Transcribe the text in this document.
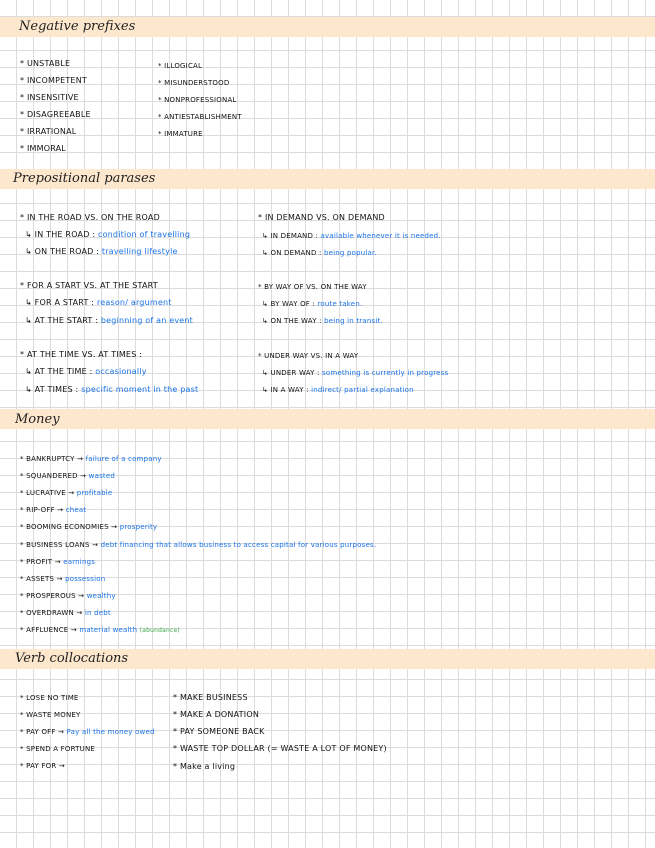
Negative prefixes
Prepositional parases
Money
Verb collocations
* UNSTABLE
* INCOMPETENT
* INSENSITIVE
* DISAGREEABLE
* IRRATIONAL
* IMMORAL
* ILLOGICAL
* MISUNDERSTOOD
* NONPROFESSIONAL
* ANTIESTABLISHMENT
* IMMATURE
* IN THE ROAD VS. ON THE ROAD
↳ IN THE ROAD : condition of travelling
↳ ON THE ROAD : travelling lifestyle
* FOR A START VS. AT THE START
↳ FOR A START : reason/ argument
↳ AT THE START : beginning of an event
* AT THE TIME VS. AT TIMES :
↳ AT THE TIME : occasionally
↳ AT TIMES : specific moment in the past
* IN DEMAND VS. ON DEMAND
↳ IN DEMAND : available whenever it is needed.
↳ ON DEMAND : being popular.
* BY WAY OF VS. ON THE WAY
↳ BY WAY OF : route taken.
↳ ON THE WAY : being in transit.
* UNDER WAY VS. IN A WAY
↳ UNDER WAY : something is currently in progress
↳ IN A WAY : indirect/ partial explanation
* BANKRUPTCY → failure of a company
* SQUANDERED → wasted
* LUCRATIVE → profitable
* RIP-OFF → cheat
* BOOMING ECONOMIES → prosperity
* BUSINESS LOANS → debt financing that allows business to access capital for various purposes.
* PROFIT → earnings
* ASSETS → possession
* PROSPEROUS → wealthy
* OVERDRAWN → in debt
* AFFLUENCE → material wealth (abundance)
* LOSE NO TIME
* WASTE MONEY
* PAY OFF → Pay all the money owed
* SPEND A FORTUNE
* PAY FOR →
* MAKE BUSINESS
* MAKE A DONATION
* PAY SOMEONE BACK
* WASTE TOP DOLLAR (= WASTE A LOT OF MONEY)
* Make a living
